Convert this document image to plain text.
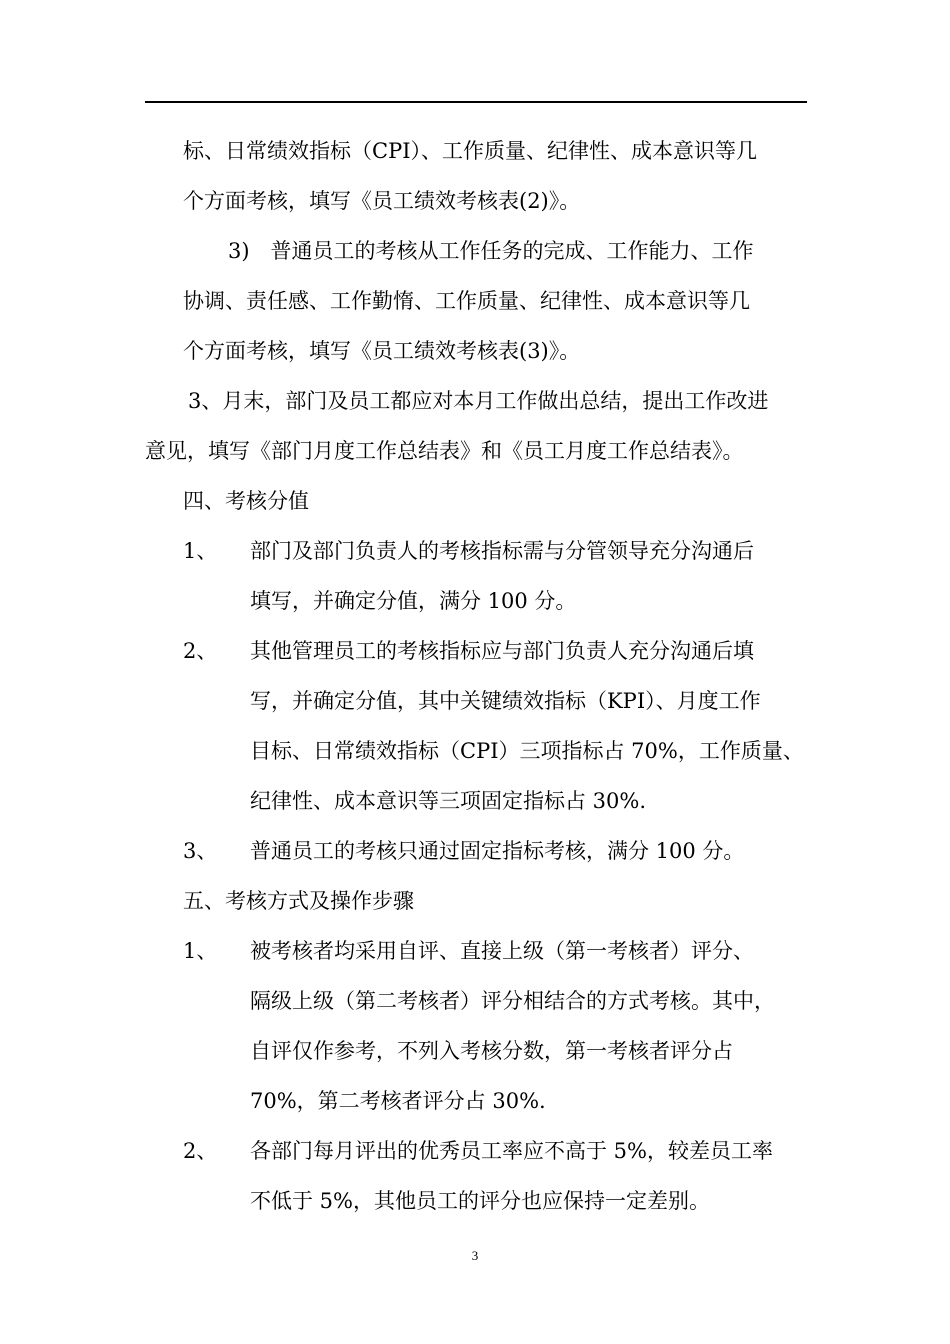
标、日常绩效指标（CPI）、工作质量、纪律性、成本意识等几
个方面考核，填写《员工绩效考核表(2)》。
3)　普通员工的考核从工作任务的完成、工作能力、工作
协调、责任感、工作勤惰、工作质量、纪律性、成本意识等几
个方面考核，填写《员工绩效考核表(3)》。
3、月末，部门及员工都应对本月工作做出总结，提出工作改进
意见，填写《部门月度工作总结表》和《员工月度工作总结表》。
四、考核分值
1、 部门及部门负责人的考核指标需与分管领导充分沟通后
填写，并确定分值，满分 100 分。
2、 其他管理员工的考核指标应与部门负责人充分沟通后填
写，并确定分值，其中关键绩效指标（KPI）、月度工作
目标、日常绩效指标（CPI）三项指标占 70%，工作质量、
纪律性、成本意识等三项固定指标占 30%.
3、 普通员工的考核只通过固定指标考核，满分 100 分。
五、考核方式及操作步骤
1、 被考核者均采用自评、直接上级（第一考核者）评分、
隔级上级（第二考核者）评分相结合的方式考核。其中，
自评仅作参考，不列入考核分数，第一考核者评分占
70%，第二考核者评分占 30%.
2、 各部门每月评出的优秀员工率应不高于 5%，较差员工率
不低于 5%，其他员工的评分也应保持一定差别。
3
